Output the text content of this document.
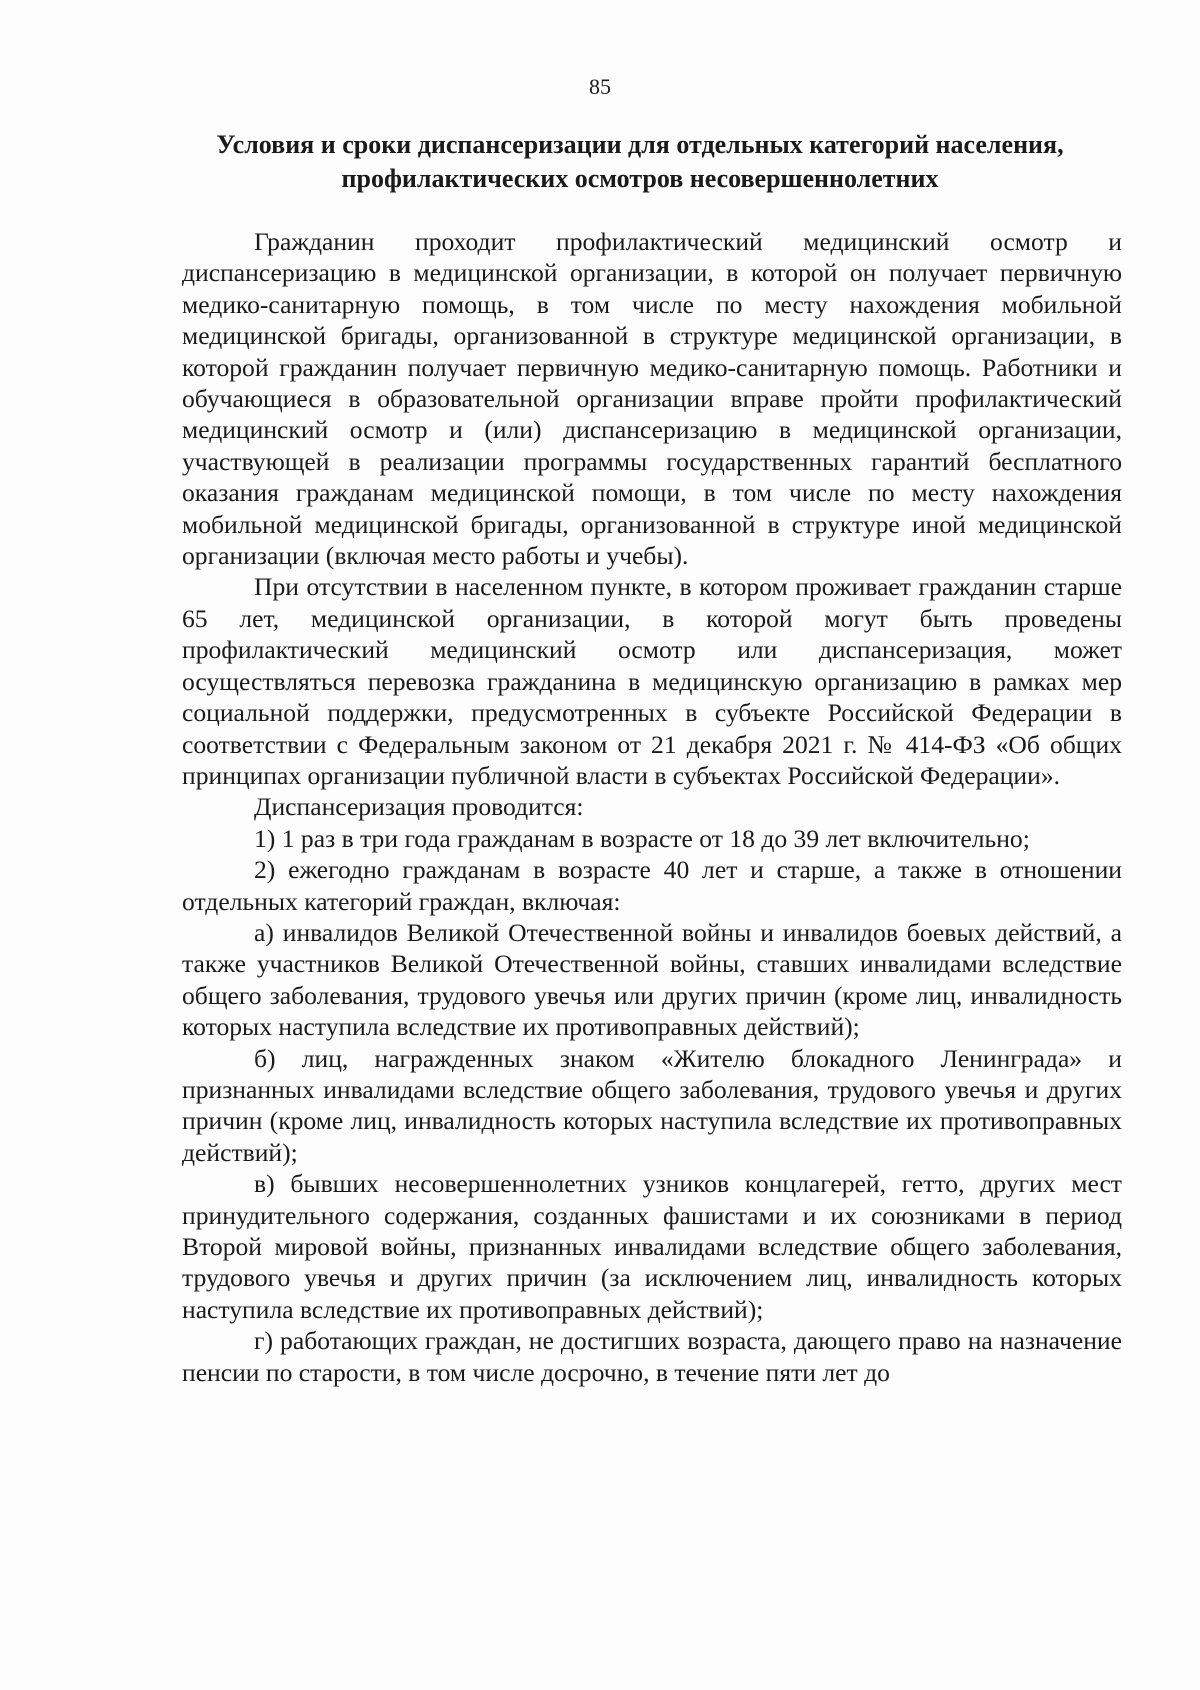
85
Условия и сроки диспансеризации для отдельных категорий населения,
профилактических осмотров несовершеннолетних

Гражданин проходит профилактический медицинский осмотр и диспансеризацию в медицинской организации, в которой он получает первичную медико-санитарную помощь, в том числе по месту нахождения мобильной медицинской бригады, организованной в структуре медицинской организации, в которой гражданин получает первичную медико-санитарную помощь. Работники и обучающиеся в образовательной организации вправе пройти профилактический медицинский осмотр и (или) диспансеризацию в медицинской организации, участвующей в реализации программы государственных гарантий бесплатного оказания гражданам медицинской помощи, в том числе по месту нахождения мобильной медицинской бригады, организованной в структуре иной медицинской организации (включая место работы и учебы).

При отсутствии в населенном пункте, в котором проживает гражданин старше 65 лет, медицинской организации, в которой могут быть проведены профилактический медицинский осмотр или диспансеризация, может осуществляться перевозка гражданина в медицинскую организацию в рамках мер социальной поддержки, предусмотренных в субъекте Российской Федерации в соответствии с Федеральным законом от 21 декабря 2021 г. № 414-ФЗ «Об общих принципах организации публичной власти в субъектах Российской Федерации».

Диспансеризация проводится:

1) 1 раз в три года гражданам в возрасте от 18 до 39 лет включительно;

2) ежегодно гражданам в возрасте 40 лет и старше, а также в отношении отдельных категорий граждан, включая:

а) инвалидов Великой Отечественной войны и инвалидов боевых действий, а также участников Великой Отечественной войны, ставших инвалидами вследствие общего заболевания, трудового увечья или других причин (кроме лиц, инвалидность которых наступила вследствие их противоправных действий);

б) лиц, награжденных знаком «Жителю блокадного Ленинграда» и признанных инвалидами вследствие общего заболевания, трудового увечья и других причин (кроме лиц, инвалидность которых наступила вследствие их противоправных действий);

в) бывших несовершеннолетних узников концлагерей, гетто, других мест принудительного содержания, созданных фашистами и их союзниками в период Второй мировой войны, признанных инвалидами вследствие общего заболевания, трудового увечья и других причин (за исключением лиц, инвалидность которых наступила вследствие их противоправных действий);

г) работающих граждан, не достигших возраста, дающего право на назначение пенсии по старости, в том числе досрочно, в течение пяти лет до
